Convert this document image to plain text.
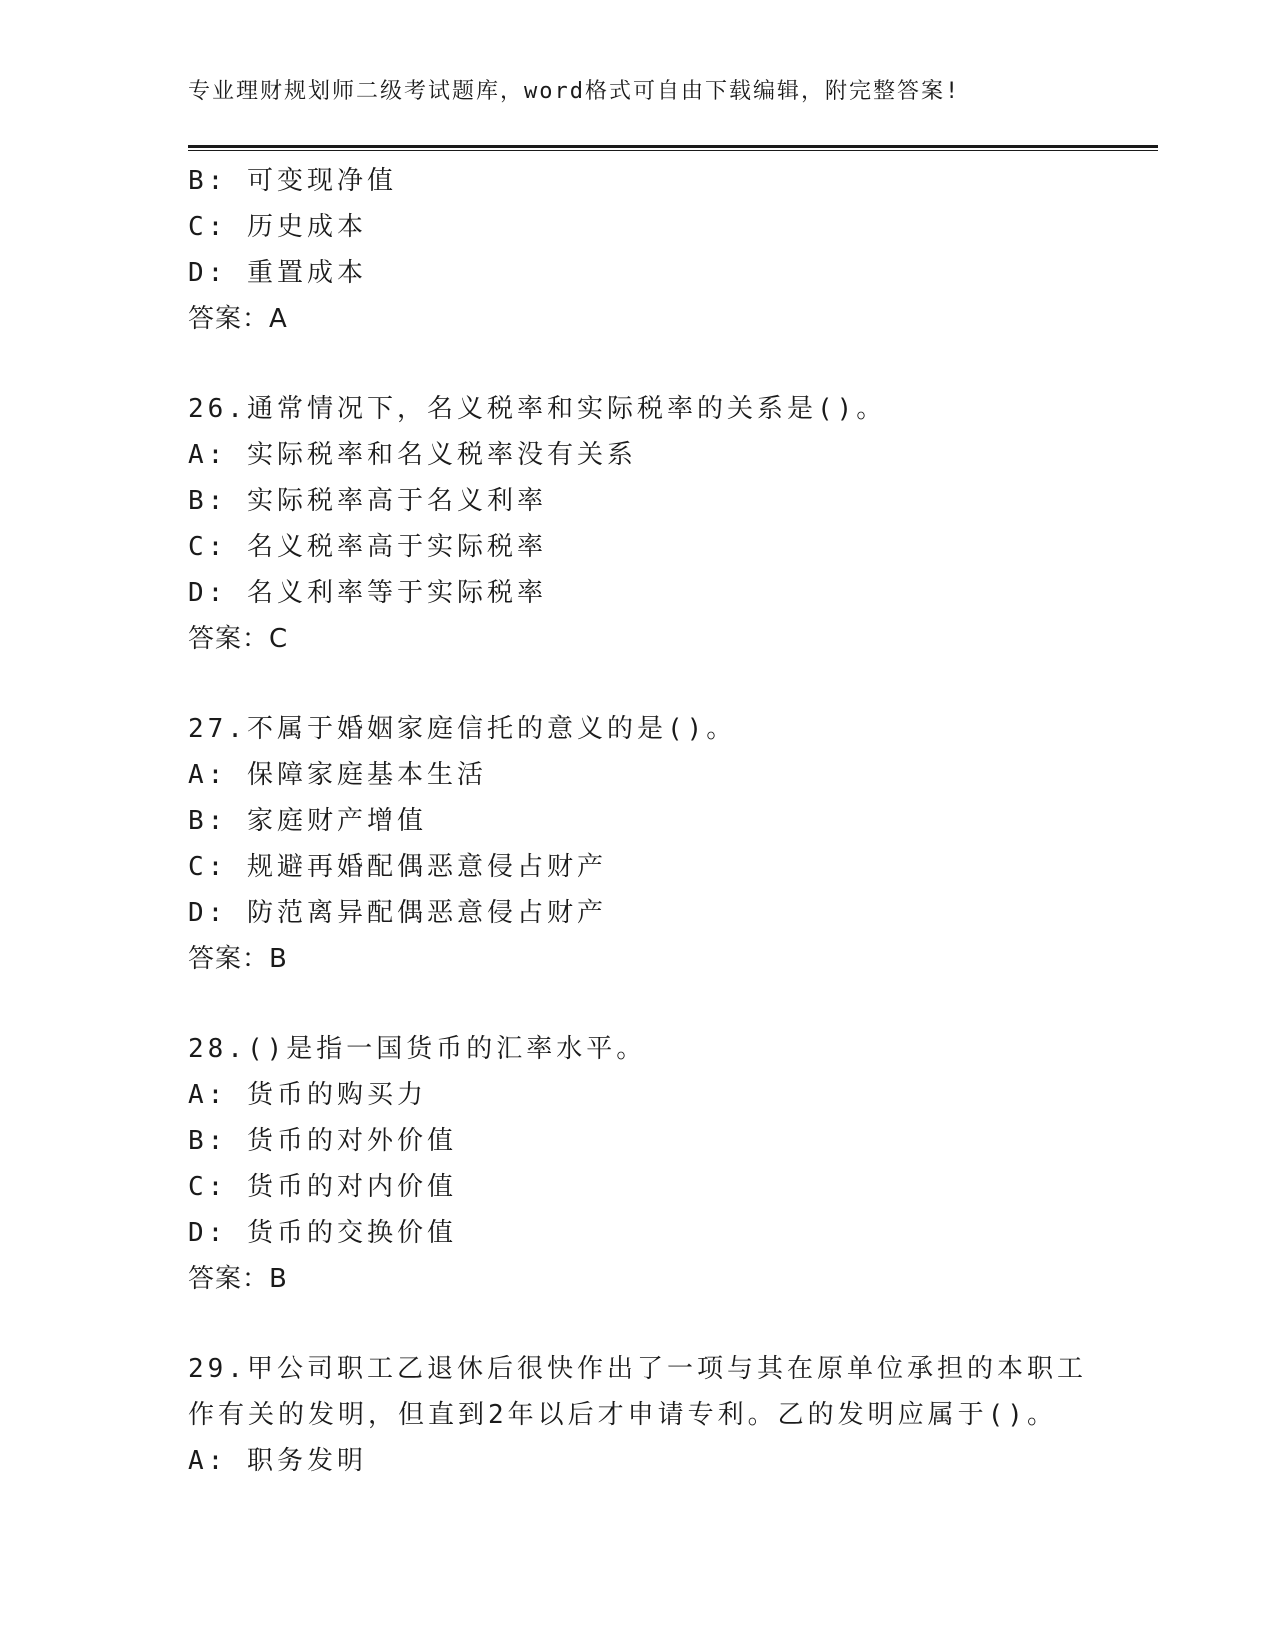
专业理财规划师二级考试题库，word格式可自由下载编辑，附完整答案!
B: 可变现净值
C: 历史成本
D: 重置成本
答案：A
26.通常情况下，名义税率和实际税率的关系是()。
A: 实际税率和名义税率没有关系
B: 实际税率高于名义利率
C: 名义税率高于实际税率
D: 名义利率等于实际税率
答案：C
27.不属于婚姻家庭信托的意义的是()。
A: 保障家庭基本生活
B: 家庭财产增值
C: 规避再婚配偶恶意侵占财产
D: 防范离异配偶恶意侵占财产
答案：B
28.()是指一国货币的汇率水平。
A: 货币的购买力
B: 货币的对外价值
C: 货币的对内价值
D: 货币的交换价值
答案：B
29.甲公司职工乙退休后很快作出了一项与其在原单位承担的本职工作有关的发明，但直到2年以后才申请专利。乙的发明应属于()。
A: 职务发明
